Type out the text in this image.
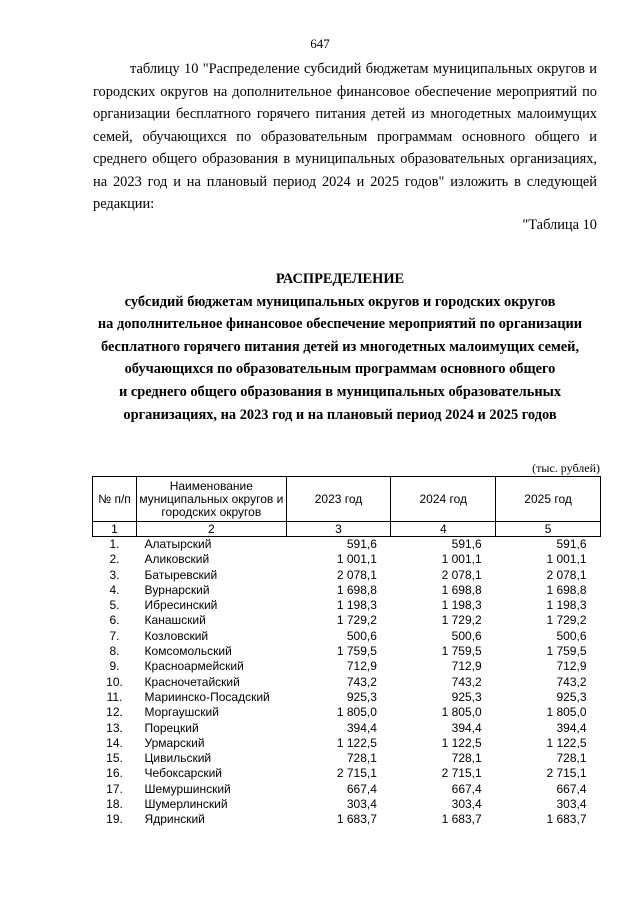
647

таблицу 10 "Распределение субсидий бюджетам муниципальных округов и городских округов на дополнительное финансовое обеспечение мероприятий по организации бесплатного горячего питания детей из многодетных малоимущих семей, обучающихся по образовательным программам основного общего и среднего общего образования в муниципальных образовательных организациях, на 2023 год и на плановый период 2024 и 2025 годов" изложить в следующей редакции:

"Таблица 10
РАСПРЕДЕЛЕНИЕ
субсидий бюджетам муниципальных округов и городских округов
на дополнительное финансовое обеспечение мероприятий по организации
бесплатного горячего питания детей из многодетных малоимущих семей,
обучающихся по образовательным программам основного общего
и среднего общего образования в муниципальных образовательных
организациях, на 2023 год и на плановый период 2024 и 2025 годов
(тыс. рублей)
№ п/п	Наименование муниципальных округов и городских округов	2023 год	2024 год	2025 год
1	2	3	4	5
1.	Алатырский	591,6	591,6	591,6
2.	Аликовский	1 001,1	1 001,1	1 001,1
3.	Батыревский	2 078,1	2 078,1	2 078,1
4.	Вурнарский	1 698,8	1 698,8	1 698,8
5.	Ибресинский	1 198,3	1 198,3	1 198,3
6.	Канашский	1 729,2	1 729,2	1 729,2
7.	Козловский	500,6	500,6	500,6
8.	Комсомольский	1 759,5	1 759,5	1 759,5
9.	Красноармейский	712,9	712,9	712,9
10.	Красночетайский	743,2	743,2	743,2
11.	Мариинско-Посадский	925,3	925,3	925,3
12.	Моргаушский	1 805,0	1 805,0	1 805,0
13.	Порецкий	394,4	394,4	394,4
14.	Урмарский	1 122,5	1 122,5	1 122,5
15.	Цивильский	728,1	728,1	728,1
16.	Чебоксарский	2 715,1	2 715,1	2 715,1
17.	Шемуршинский	667,4	667,4	667,4
18.	Шумерлинский	303,4	303,4	303,4
19.	Ядринский	1 683,7	1 683,7	1 683,7
